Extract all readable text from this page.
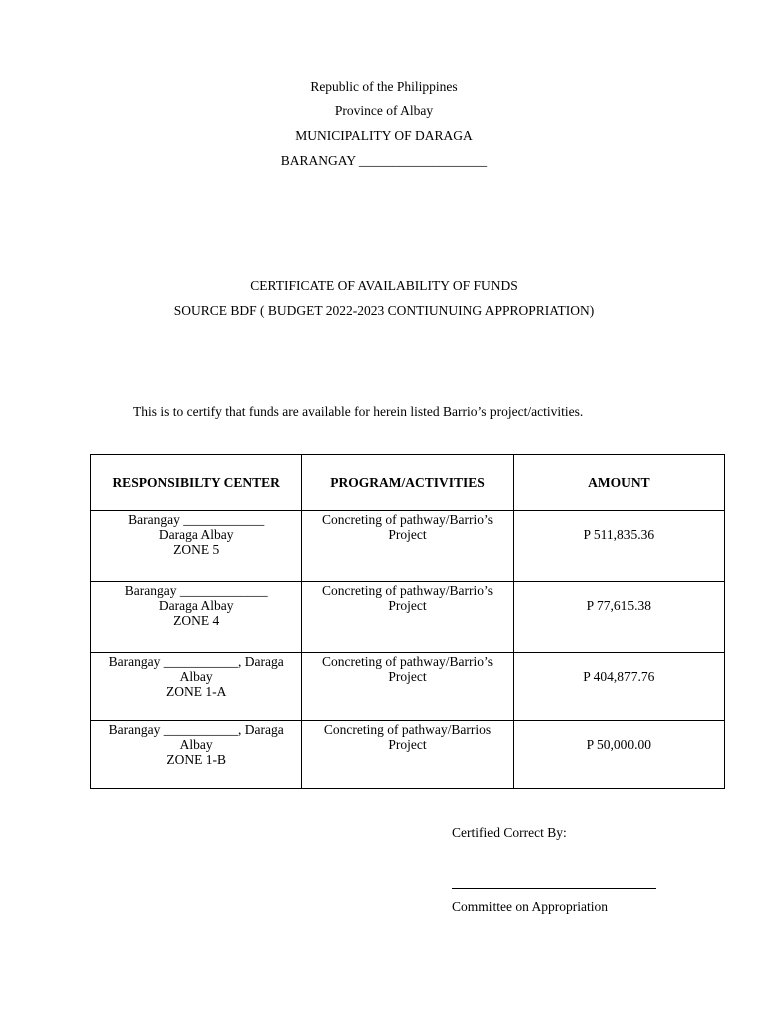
Republic of the Philippines
Province of Albay
MUNICIPALITY OF DARAGA
BARANGAY ___________________
CERTIFICATE OF AVAILABILITY OF FUNDS
SOURCE BDF ( BUDGET 2022-2023 CONTIUNUING APPROPRIATION)
This is to certify that funds are available for herein listed Barrio’s project/activities.
RESPONSIBILTY CENTER	PROGRAM/ACTIVITIES	AMOUNT

Barangay ____________
Daraga Albay
ZONE 5	Concreting of pathway/Barrio’s Project	P 511,835.36

Barangay _____________
Daraga Albay
ZONE 4	Concreting of pathway/Barrio’s Project	P 77,615.38

Barangay ___________, Daraga
Albay
ZONE 1-A	Concreting of pathway/Barrio’s Project	P 404,877.76

Barangay ___________, Daraga
Albay
ZONE 1-B	Concreting of pathway/Barrios Project	P 50,000.00
Certified Correct By:
Committee on Appropriation
